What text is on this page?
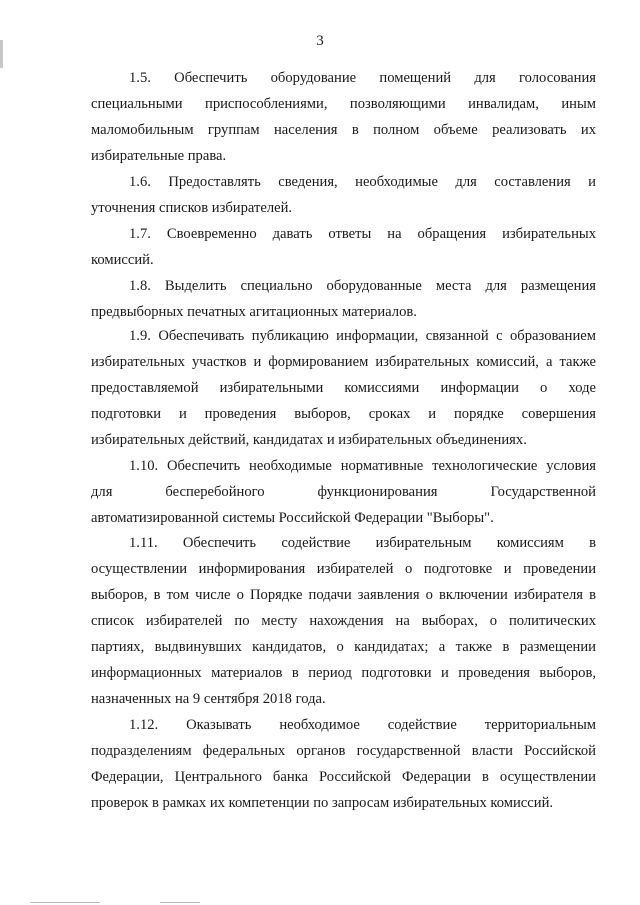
3
1.5. Обеспечить оборудование помещений для голосования
специальными приспособлениями, позволяющими инвалидам, иным
маломобильным группам населения в полном объеме реализовать их
избирательные права.
1.6. Предоставлять сведения, необходимые для составления и
уточнения списков избирателей.
1.7. Своевременно давать ответы на обращения избирательных
комиссий.
1.8. Выделить специально оборудованные места для размещения
предвыборных печатных агитационных материалов.
1.9. Обеспечивать публикацию информации, связанной с образованием
избирательных участков и формированием избирательных комиссий, а также
предоставляемой избирательными комиссиями информации о ходе
подготовки и проведения выборов, сроках и порядке совершения
избирательных действий, кандидатах и избирательных объединениях.
1.10. Обеспечить необходимые нормативные технологические условия
для бесперебойного функционирования Государственной
автоматизированной системы Российской Федерации "Выборы".
1.11. Обеспечить содействие избирательным комиссиям в
осуществлении информирования избирателей о подготовке и проведении
выборов, в том числе о Порядке подачи заявления о включении избирателя в
список избирателей по месту нахождения на выборах, о политических
партиях, выдвинувших кандидатов, о кандидатах; а также в размещении
информационных материалов в период подготовки и проведения выборов,
назначенных на 9 сентября 2018 года.
1.12. Оказывать необходимое содействие территориальным
подразделениям федеральных органов государственной власти Российской
Федерации, Центрального банка Российской Федерации в осуществлении
проверок в рамках их компетенции по запросам избирательных комиссий.
